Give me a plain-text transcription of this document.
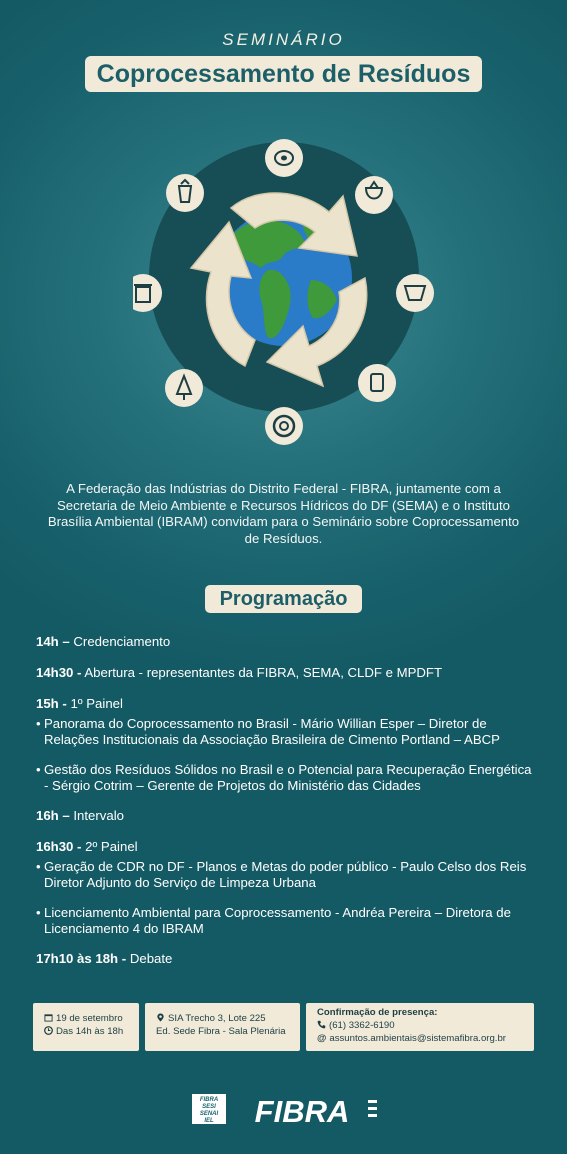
SEMINÁRIO
Coprocessamento de Resíduos
A Federação das Indústrias do Distrito Federal - FIBRA, juntamente com a Secretaria de Meio Ambiente e Recursos Hídricos do DF (SEMA) e o Instituto Brasília Ambiental (IBRAM) convidam para o Seminário sobre Coprocessamento de Resíduos.
Programação
14h – Credenciamento
14h30 - Abertura - representantes da FIBRA, SEMA, CLDF e MPDFT
15h - 1º Painel
• Panorama do Coprocessamento no Brasil - Mário Willian Esper – Diretor de Relações Institucionais da Associação Brasileira de Cimento Portland – ABCP
• Gestão dos Resíduos Sólidos no Brasil e o Potencial para Recuperação Energética - Sérgio Cotrim – Gerente de Projetos do Ministério das Cidades
16h – Intervalo
16h30 - 2º Painel
• Geração de CDR no DF - Planos e Metas do poder público - Paulo Celso dos Reis Diretor Adjunto do Serviço de Limpeza Urbana
• Licenciamento Ambiental para Coprocessamento - Andréa Pereira – Diretora de Licenciamento 4 do IBRAM
17h10 às 18h - Debate
19 de setembro
Das 14h às 18h
SIA Trecho 3, Lote 225
Ed. Sede Fibra - Sala Plenária
Confirmação de presença:
(61) 3362-6190
@ assuntos.ambientais@sistemafibra.org.br
FIBRA
SESI
SENAI
IEL FIBRA
